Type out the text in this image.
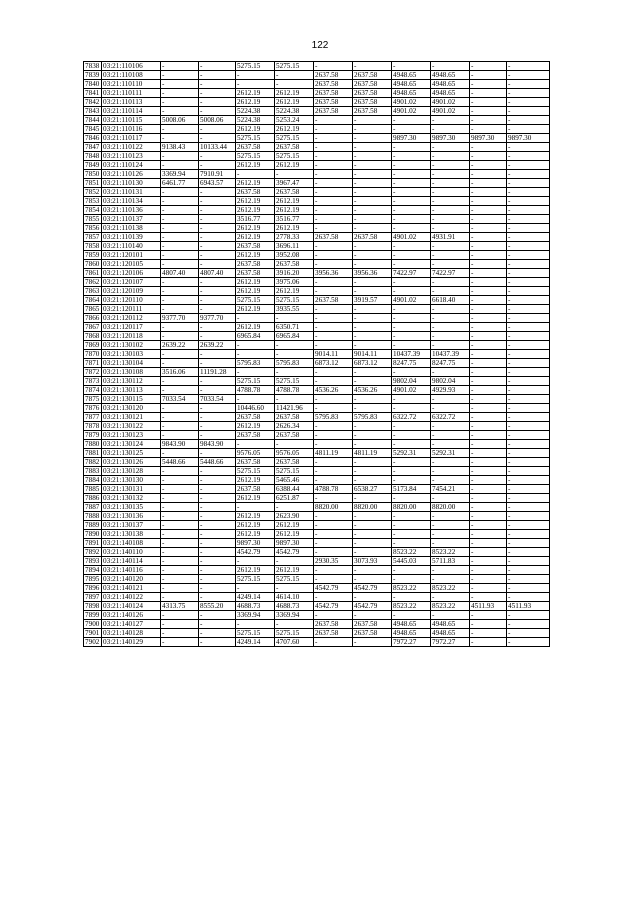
122
7838	03:21:110106	-	-	5275.15	5275.15	-	-	-	-	-	-
7839	03:21:110108	-	-	-	-	2637.58	2637.58	4948.65	4948.65	-	-
7840	03:21:110110	-	-	-	-	2637.58	2637.58	4948.65	4948.65	-	-
7841	03:21:110111	-	-	2612.19	2612.19	2637.58	2637.58	4948.65	4948.65	-	-
7842	03:21:110113	-	-	2612.19	2612.19	2637.58	2637.58	4901.02	4901.02	-	-
7843	03:21:110114	-	-	5224.38	5224.38	2637.58	2637.58	4901.02	4901.02	-	-
7844	03:21:110115	5008.06	5008.06	5224.38	5253.24	-	-	-	-	-	-
7845	03:21:110116	-	-	2612.19	2612.19	-	-	-	-	-	-
7846	03:21:110117	-	-	5275.15	5275.15	-	-	9897.30	9897.30	9897.30	9897.30
7847	03:21:110122	9138.43	10133.44	2637.58	2637.58	-	-	-	-	-	-
7848	03:21:110123	-	-	5275.15	5275.15	-	-	-	-	-	-
7849	03:21:110124	-	-	2612.19	2612.19	-	-	-	-	-	-
7850	03:21:110126	3369.94	7910.91	-	-	-	-	-	-	-	-
7851	03:21:110130	6461.77	6943.57	2612.19	3967.47	-	-	-	-	-	-
7852	03:21:110131	-	-	2637.58	2637.58	-	-	-	-	-	-
7853	03:21:110134	-	-	2612.19	2612.19	-	-	-	-	-	-
7854	03:21:110136	-	-	2612.19	2612.19	-	-	-	-	-	-
7855	03:21:110137	-	-	3516.77	3516.77	-	-	-	-	-	-
7856	03:21:110138	-	-	2612.19	2612.19	-	-	-	-	-	-
7857	03:21:110139	-	-	2612.19	2778.33	2637.58	2637.58	4901.02	4931.91	-	-
7858	03:21:110140	-	-	2637.58	3696.11	-	-	-	-	-	-
7859	03:21:120101	-	-	2612.19	3952.08	-	-	-	-	-	-
7860	03:21:120105	-	-	2637.58	2637.58	-	-	-	-	-	-
7861	03:21:120106	4807.40	4807.40	2637.58	3916.20	3956.36	3956.36	7422.97	7422.97	-	-
7862	03:21:120107	-	-	2612.19	3975.06	-	-	-	-	-	-
7863	03:21:120109	-	-	2612.19	2612.19	-	-	-	-	-	-
7864	03:21:120110	-	-	5275.15	5275.15	2637.58	3919.57	4901.02	6618.40	-	-
7865	03:21:120111	-	-	2612.19	3935.55	-	-	-	-	-	-
7866	03:21:120112	9377.70	9377.70	-	-	-	-	-	-	-	-
7867	03:21:120117	-	-	2612.19	6350.71	-	-	-	-	-	-
7868	03:21:120118	-	-	6965.84	6965.84	-	-	-	-	-	-
7869	03:21:130102	2639.22	2639.22	-	-	-	-	-	-	-	-
7870	03:21:130103	-	-	-	-	9014.11	9014.11	10437.39	10437.39	-	-
7871	03:21:130104	-	-	5795.83	5795.83	6873.12	6873.12	8247.75	8247.75	-	-
7872	03:21:130108	3516.06	11191.28	-	-	-	-	-	-	-	-
7873	03:21:130112	-	-	5275.15	5275.15	-	-	9802.04	9802.04	-	-
7874	03:21:130113	-	-	4788.78	4788.78	4536.26	4536.26	4901.02	4929.93	-	-
7875	03:21:130115	7033.54	7033.54	-	-	-	-	-	-	-	-
7876	03:21:130120	-	-	10446.60	11421.96	-	-	-	-	-	-
7877	03:21:130121	-	-	2637.58	2637.58	5795.83	5795.83	6322.72	6322.72	-	-
7878	03:21:130122	-	-	2612.19	2626.34	-	-	-	-	-	-
7879	03:21:130123	-	-	2637.58	2637.58	-	-	-	-	-	-
7880	03:21:130124	9843.90	9843.90	-	-	-	-	-	-	-	-
7881	03:21:130125	-	-	9576.05	9576.05	4811.19	4811.19	5292.31	5292.31	-	-
7882	03:21:130126	5448.66	5448.66	2637.58	2637.58	-	-	-	-	-	-
7883	03:21:130128	-	-	5275.15	5275.15	-	-	-	-	-	-
7884	03:21:130130	-	-	2612.19	5465.46	-	-	-	-	-	-
7885	03:21:130131	-	-	2637.58	6388.44	4788.78	6538.27	5173.84	7454.21	-	-
7886	03:21:130132	-	-	2612.19	6251.87	-	-	-	-	-	-
7887	03:21:130135	-	-	-	-	8820.00	8820.00	8820.00	8820.00	-	-
7888	03:21:130136	-	-	2612.19	2623.90	-	-	-	-	-	-
7889	03:21:130137	-	-	2612.19	2612.19	-	-	-	-	-	-
7890	03:21:130138	-	-	2612.19	2612.19	-	-	-	-	-	-
7891	03:21:140108	-	-	9897.30	9897.30	-	-	-	-	-	-
7892	03:21:140110	-	-	4542.79	4542.79	-	-	8523.22	8523.22	-	-
7893	03:21:140114	-	-	-	-	2930.35	3073.93	5445.03	5711.83	-	-
7894	03:21:140116	-	-	2612.19	2612.19	-	-	-	-	-	-
7895	03:21:140120	-	-	5275.15	5275.15	-	-	-	-	-	-
7896	03:21:140121	-	-	-	-	4542.79	4542.79	8523.22	8523.22	-	-
7897	03:21:140122	-	-	4249.14	4614.10	-	-	-	-	-	-
7898	03:21:140124	4313.75	8555.20	4688.73	4688.73	4542.79	4542.79	8523.22	8523.22	4511.93	4511.93
7899	03:21:140126	-	-	3369.94	3369.94	-	-	-	-	-	-
7900	03:21:140127	-	-	-	-	2637.58	2637.58	4948.65	4948.65	-	-
7901	03:21:140128	-	-	5275.15	5275.15	2637.58	2637.58	4948.65	4948.65	-	-
7902	03:21:140129	-	-	4249.14	4707.60	-	-	7972.27	7972.27	-	-
